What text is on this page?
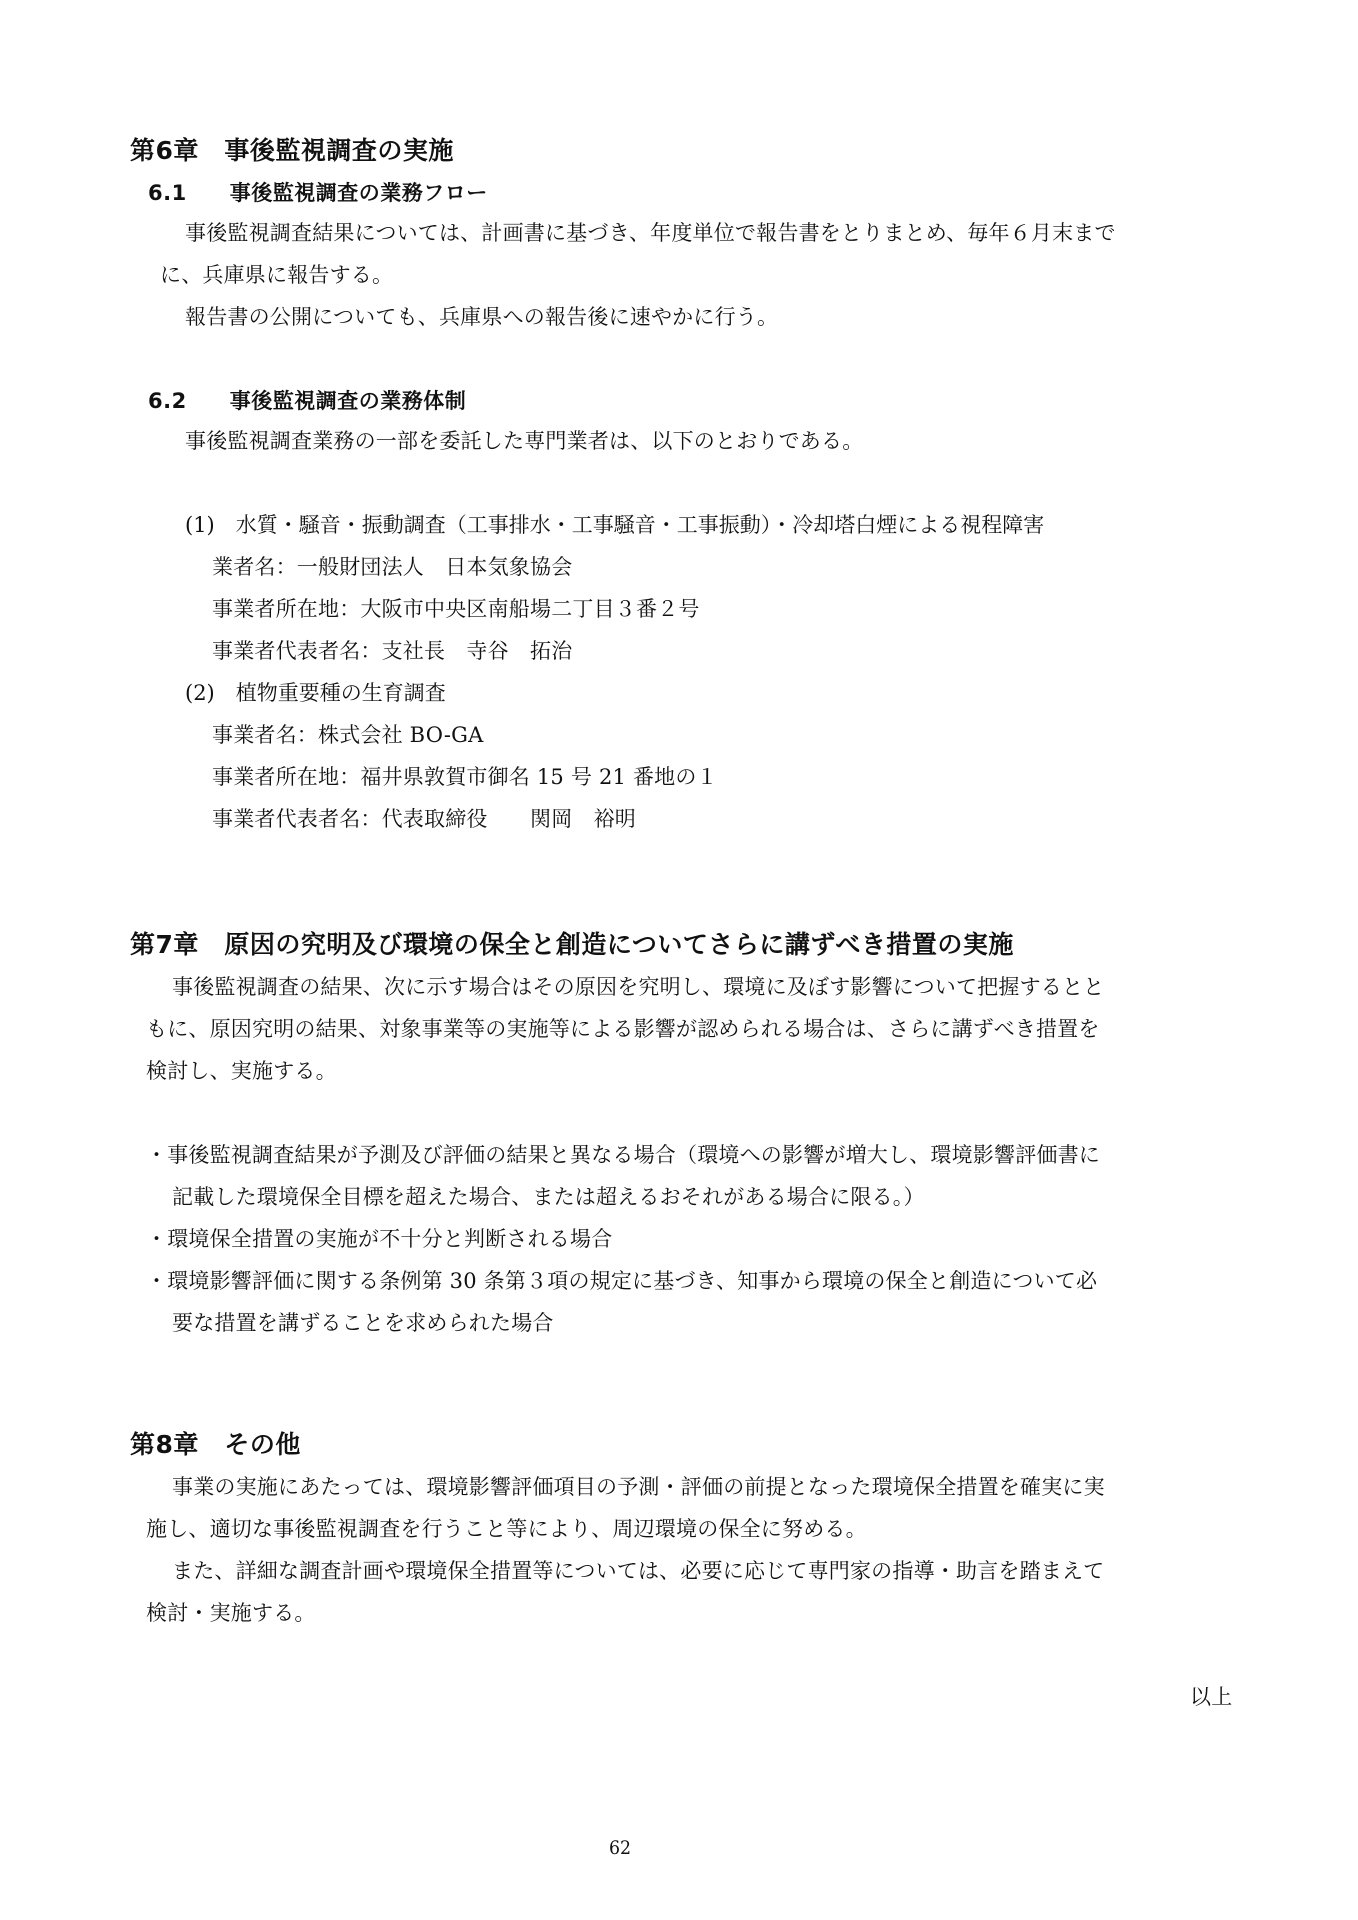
第6章　事後監視調査の実施
6.1　　事後監視調査の業務フロー
事後監視調査結果については、計画書に基づき、年度単位で報告書をとりまとめ、毎年６月末まで
に、兵庫県に報告する。
報告書の公開についても、兵庫県への報告後に速やかに行う。
6.2　　事後監視調査の業務体制
事後監視調査業務の一部を委託した専門業者は、以下のとおりである。
(1)　水質・騒音・振動調査（工事排水・工事騒音・工事振動）・冷却塔白煙による視程障害
業者名：一般財団法人　日本気象協会
事業者所在地：大阪市中央区南船場二丁目３番２号
事業者代表者名：支社長　寺谷　拓治
(2)　植物重要種の生育調査
事業者名：株式会社 BO-GA
事業者所在地：福井県敦賀市御名 15 号 21 番地の１
事業者代表者名：代表取締役　　関岡　裕明
第7章　原因の究明及び環境の保全と創造についてさらに講ずべき措置の実施
事後監視調査の結果、次に示す場合はその原因を究明し、環境に及ぼす影響について把握するとと
もに、原因究明の結果、対象事業等の実施等による影響が認められる場合は、さらに講ずべき措置を
検討し、実施する。
・事後監視調査結果が予測及び評価の結果と異なる場合（環境への影響が増大し、環境影響評価書に
記載した環境保全目標を超えた場合、または超えるおそれがある場合に限る。）
・環境保全措置の実施が不十分と判断される場合
・環境影響評価に関する条例第 30 条第３項の規定に基づき、知事から環境の保全と創造について必
要な措置を講ずることを求められた場合
第8章　その他
事業の実施にあたっては、環境影響評価項目の予測・評価の前提となった環境保全措置を確実に実
施し、適切な事後監視調査を行うこと等により、周辺環境の保全に努める。
また、詳細な調査計画や環境保全措置等については、必要に応じて専門家の指導・助言を踏まえて
検討・実施する。
以上
62
